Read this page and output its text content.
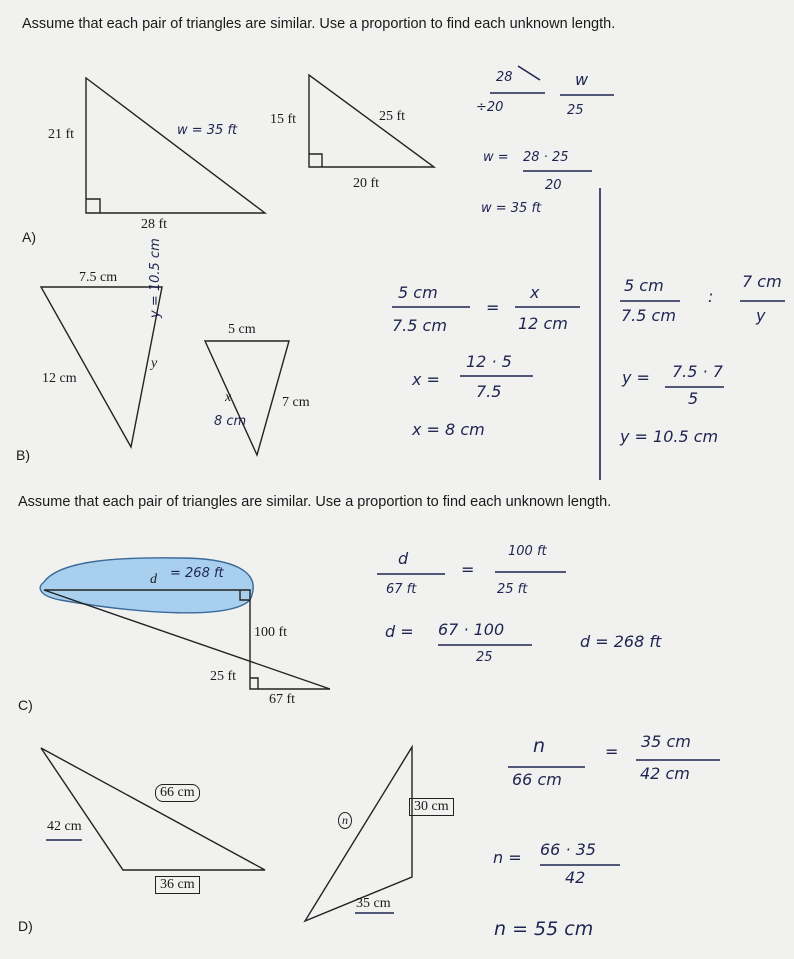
Assume that each pair of triangles are similar. Use a proportion to find each unknown length.
Assume that each pair of triangles are similar. Use a proportion to find each unknown length.
A)
B)
C)
D)
21 ft
28 ft
w = 35 ft
15 ft	25 ft
20 ft
28
÷20
w
25
w = 28 · 25
20
w = 35 ft
7.5 cm
12 cm
y
y = 10.5 cm
5 cm
x
8 cm
7 cm
5 cm
7.5 cm
=
x
12 cm
x =
12 · 5
7.5
x = 8 cm
5 cm
7.5 cm
:
7 cm
y
y = 7.5 · 7
5
y = 10.5 cm
d = 268 ft
100 ft
25 ft
67 ft
d
67 ft
=
100 ft
25 ft
d = 67 · 100
25
d = 268 ft
66 cm
42 cm
36 cm
n
30 cm
35 cm
n
66 cm
=
35 cm
42 cm
n = 66 · 35
42
n = 55 cm
